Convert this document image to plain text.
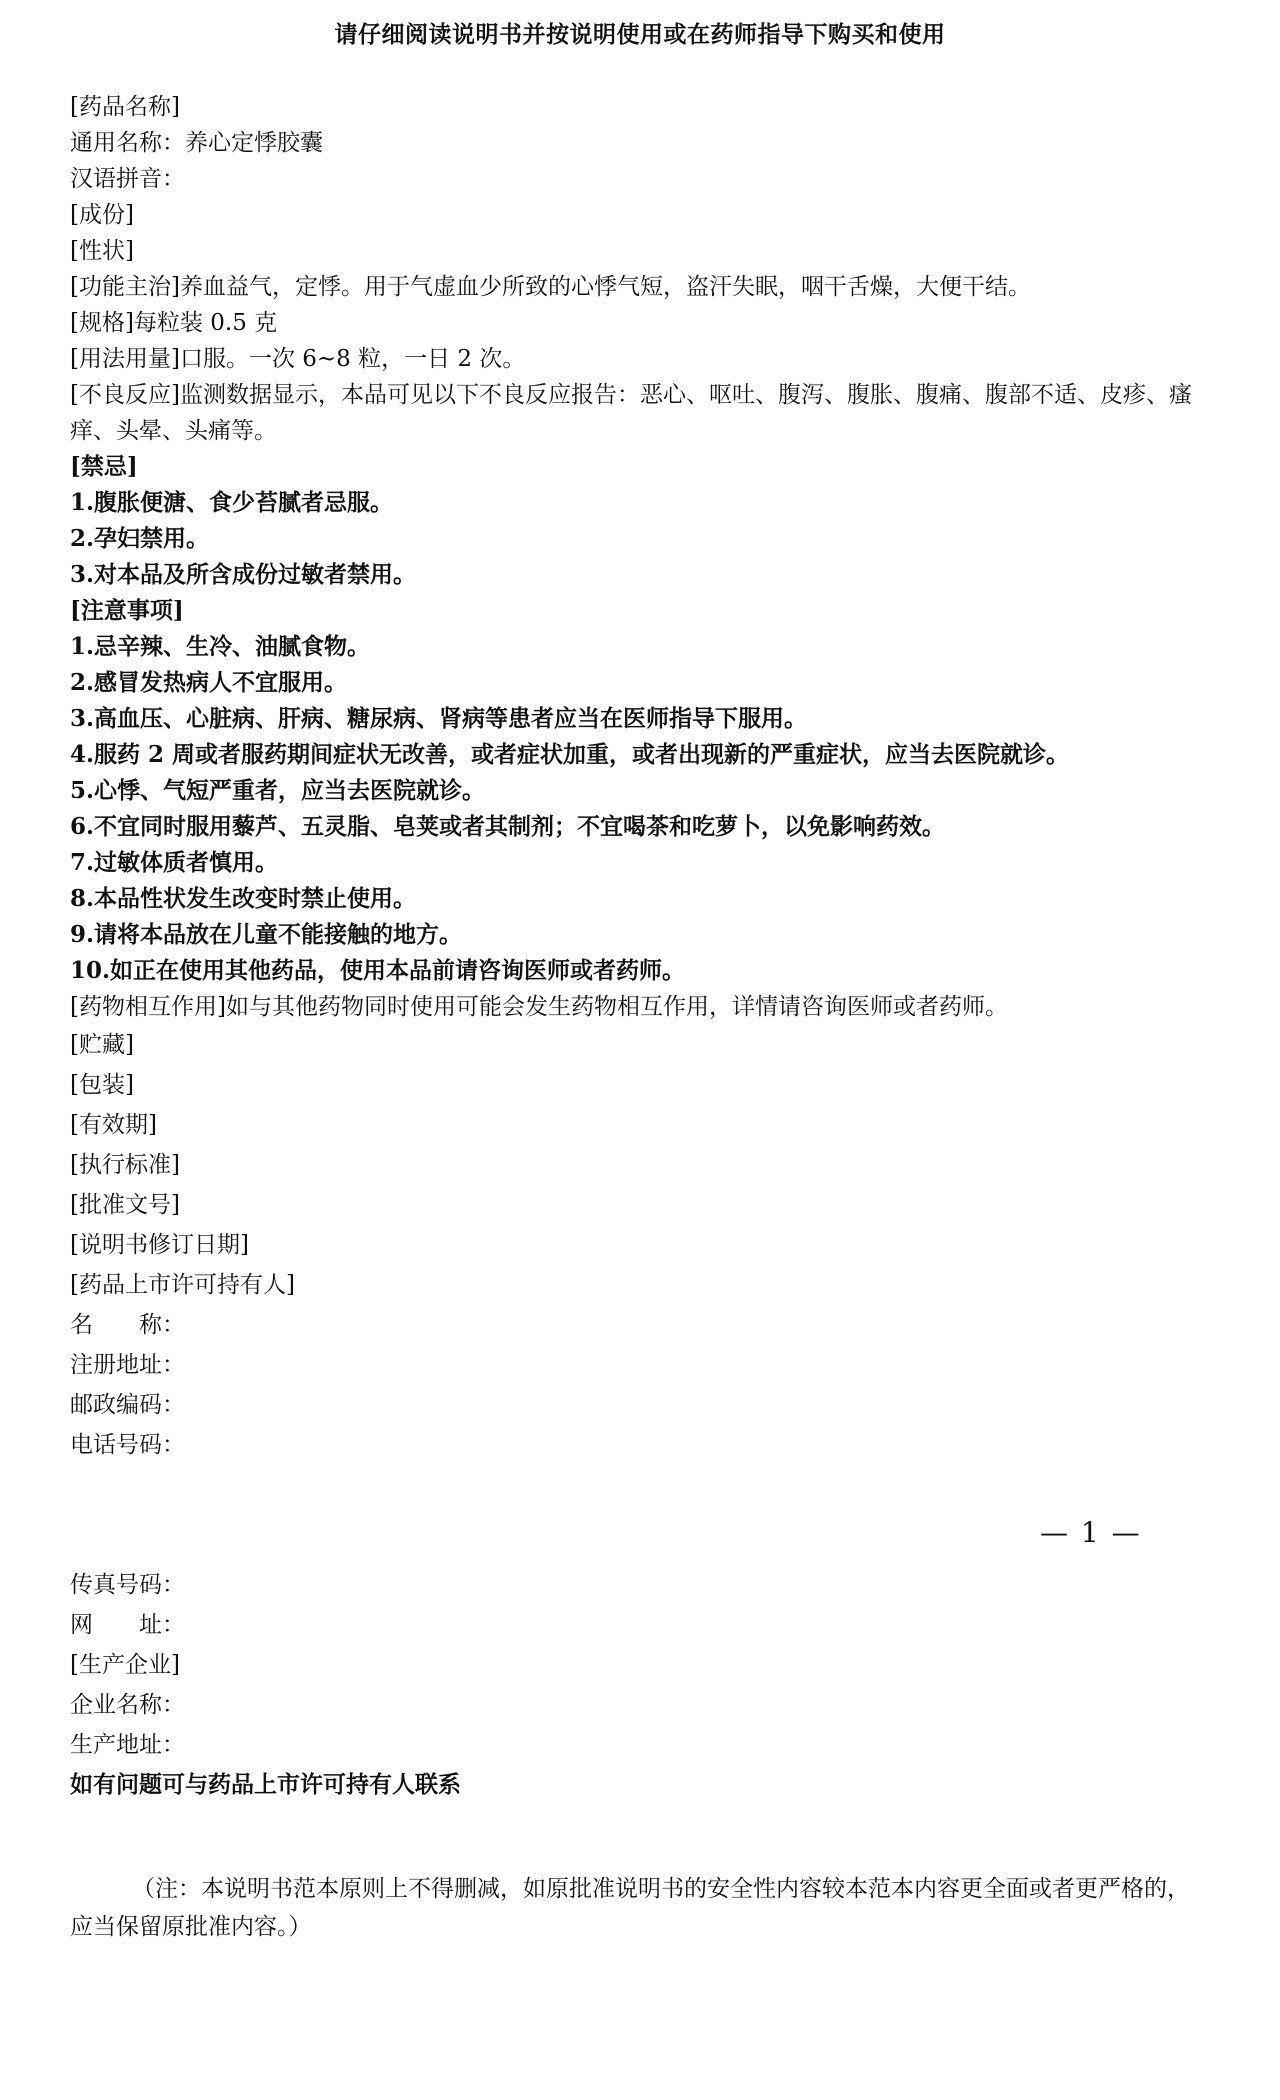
请仔细阅读说明书并按说明使用或在药师指导下购买和使用
[药品名称]
通用名称：养心定悸胶囊
汉语拼音：
[成份]
[性状]
[功能主治]养血益气，定悸。用于气虚血少所致的心悸气短，盗汗失眠，咽干舌燥，大便干结。
[规格]每粒装 0.5 克
[用法用量]口服。一次 6~8 粒，一日 2 次。
[不良反应]监测数据显示，本品可见以下不良反应报告：恶心、呕吐、腹泻、腹胀、腹痛、腹部不适、皮疹、瘙痒、头晕、头痛等。
[禁忌]
1.腹胀便溏、食少苔腻者忌服。
2.孕妇禁用。
3.对本品及所含成份过敏者禁用。
[注意事项]
1.忌辛辣、生冷、油腻食物。
2.感冒发热病人不宜服用。
3.高血压、心脏病、肝病、糖尿病、肾病等患者应当在医师指导下服用。
4.服药 2 周或者服药期间症状无改善，或者症状加重，或者出现新的严重症状，应当去医院就诊。
5.心悸、气短严重者，应当去医院就诊。
6.不宜同时服用藜芦、五灵脂、皂荚或者其制剂；不宜喝茶和吃萝卜，以免影响药效。
7.过敏体质者慎用。
8.本品性状发生改变时禁止使用。
9.请将本品放在儿童不能接触的地方。
10.如正在使用其他药品，使用本品前请咨询医师或者药师。
[药物相互作用]如与其他药物同时使用可能会发生药物相互作用，详情请咨询医师或者药师。
[贮藏]
[包装]
[有效期]
[执行标准]
[批准文号]
[说明书修订日期]
[药品上市许可持有人]
名　　称：
注册地址：
邮政编码：
电话号码：
— 1 —
传真号码：
网　　址：
[生产企业]
企业名称：
生产地址：
如有问题可与药品上市许可持有人联系
（注：本说明书范本原则上不得删减，如原批准说明书的安全性内容较本范本内容更全面或者更严格的，应当保留原批准内容。）
